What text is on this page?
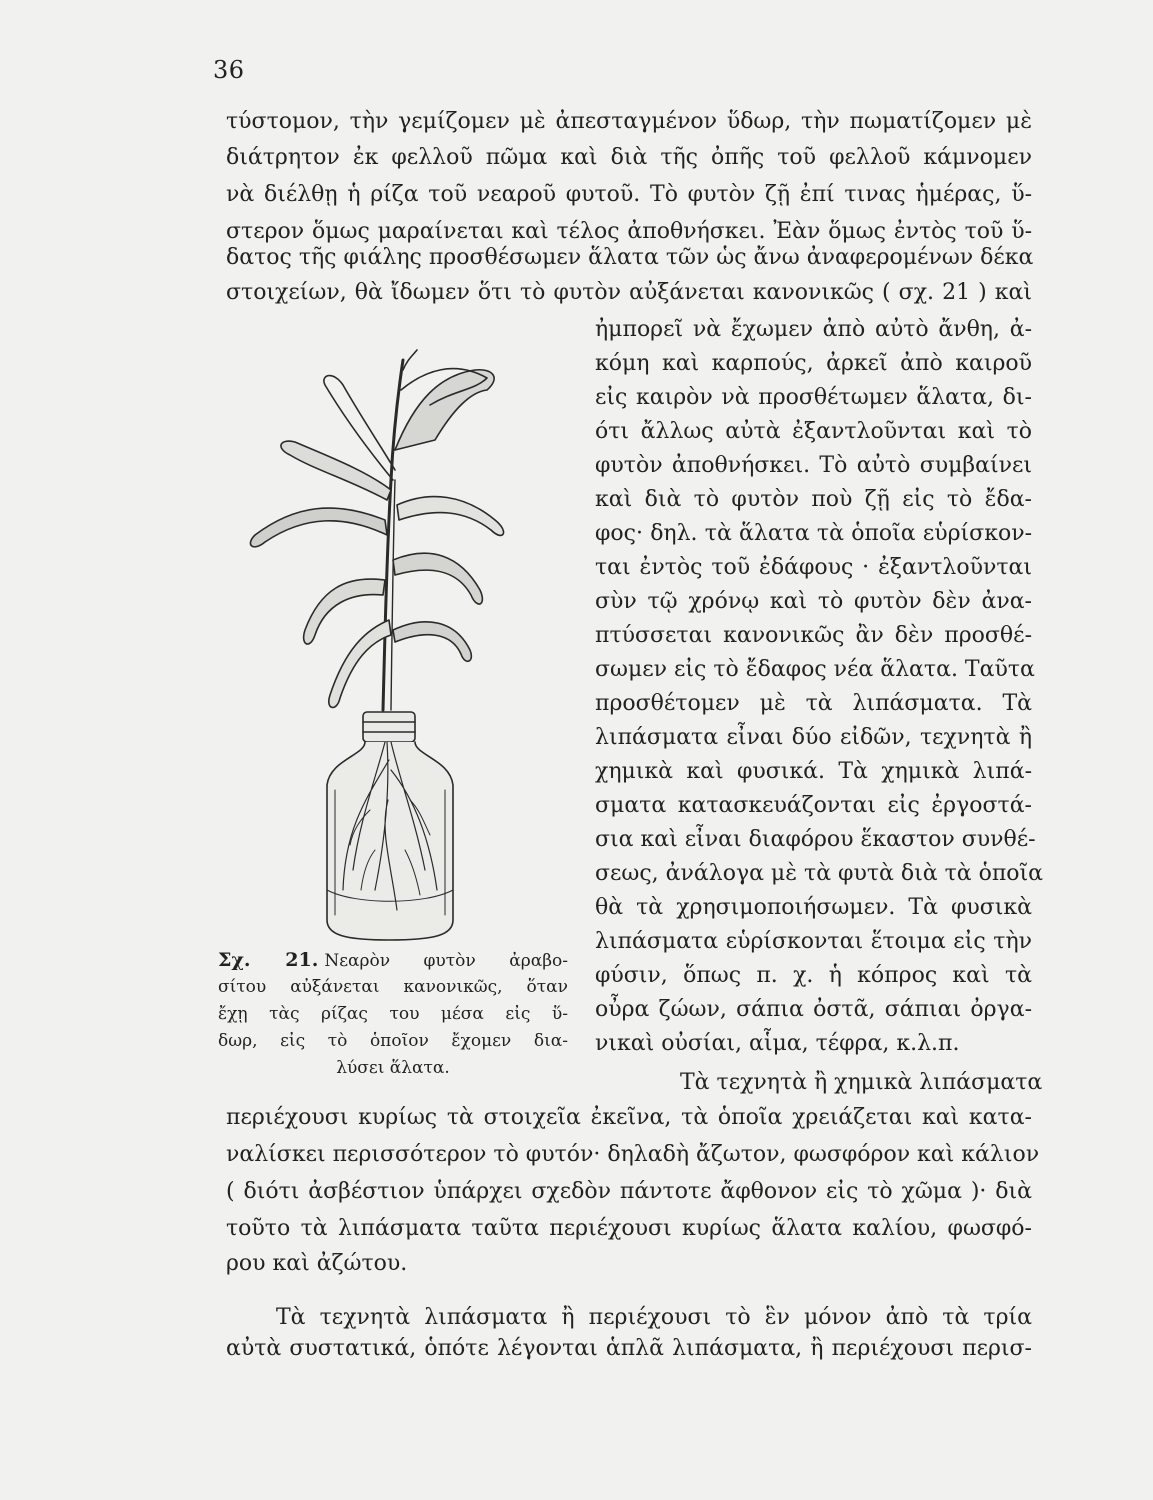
36
τύστομον, τὴν γεμίζομεν μὲ ἀπεσταγμένον ὕδωρ, τὴν πωματίζομεν μὲ
διάτρητον ἐκ φελλοῦ πῶμα καὶ διὰ τῆς ὀπῆς τοῦ φελλοῦ κάμνομεν
νὰ διέλθῃ ἡ ρίζα τοῦ νεαροῦ φυτοῦ. Τὸ φυτὸν ζῇ ἐπί τινας ἡμέρας, ὕ-
στερον ὅμως μαραίνεται καὶ τέλος ἀποθνήσκει. Ἐὰν ὅμως ἐντὸς τοῦ ὕ-
δατος τῆς φιάλης προσθέσωμεν ἅλατα τῶν ὡς ἄνω ἀναφερομένων δέκα
στοιχείων, θὰ ἴδωμεν ὅτι τὸ φυτὸν αὐξάνεται κανονικῶς ( σχ. 21 ) καὶ
ἠμπορεῖ νὰ ἔχωμεν ἀπὸ αὐτὸ ἄνθη, ἀ-
κόμη καὶ καρπούς, ἀρκεῖ ἀπὸ καιροῦ
εἰς καιρὸν νὰ προσθέτωμεν ἅλατα, δι-
ότι ἄλλως αὐτὰ ἐξαντλοῦνται καὶ τὸ
φυτὸν ἀποθνήσκει. Τὸ αὐτὸ συμβαίνει
καὶ διὰ τὸ φυτὸν ποὺ ζῇ εἰς τὸ ἔδα-
φος· δηλ. τὰ ἅλατα τὰ ὁποῖα εὑρίσκον-
ται ἐντὸς τοῦ ἐδάφους · ἐξαντλοῦνται
σὺν τῷ χρόνῳ καὶ τὸ φυτὸν δὲν ἀνα-
πτύσσεται κανονικῶς ἂν δὲν προσθέ-
σωμεν εἰς τὸ ἔδαφος νέα ἅλατα. Ταῦτα
προσθέτομεν μὲ τὰ λιπάσματα. Τὰ
λιπάσματα εἶναι δύο εἰδῶν, τεχνητὰ ἢ
χημικὰ καὶ φυσικά. Τὰ χημικὰ λιπά-
σματα κατασκευάζονται εἰς ἐργοστά-
σια καὶ εἶναι διαφόρου ἕκαστον συνθέ-
σεως, ἀνάλογα μὲ τὰ φυτὰ διὰ τὰ ὁποῖα
θὰ τὰ χρησιμοποιήσωμεν. Τὰ φυσικὰ
λιπάσματα εὑρίσκονται ἕτοιμα εἰς τὴν
φύσιν, ὅπως π. χ. ἡ κόπρος καὶ τὰ
οὖρα ζώων, σάπια ὀστᾶ, σάπιαι ὀργα-
νικαὶ οὐσίαι, αἷμα, τέφρα, κ.λ.π.
Τὰ τεχνητὰ ἢ χημικὰ λιπάσματα
περιέχουσι κυρίως τὰ στοιχεῖα ἐκεῖνα, τὰ ὁποῖα χρειάζεται καὶ κατα-
ναλίσκει περισσότερον τὸ φυτόν· δηλαδὴ ἄζωτον, φωσφόρον καὶ κάλιον
( διότι ἀσβέστιον ὑπάρχει σχεδὸν πάντοτε ἄφθονον εἰς τὸ χῶμα )· διὰ
τοῦτο τὰ λιπάσματα ταῦτα περιέχουσι κυρίως ἅλατα καλίου, φωσφό-
ρου καὶ ἀζώτου.
Τὰ τεχνητὰ λιπάσματα ἢ περιέχουσι τὸ ἓν μόνον ἀπὸ τὰ τρία
αὐτὰ συστατικά, ὁπότε λέγονται ἁπλᾶ λιπάσματα, ἢ περιέχουσι περισ-
Σχ. 21. Νεαρὸν φυτὸν ἀραβο-
σίτου αὐξάνεται κανονικῶς, ὅταν
ἔχῃ τὰς ρίζας του μέσα εἰς ὕ-
δωρ, εἰς τὸ ὁποῖον ἔχομεν δια-
λύσει ἅλατα.
